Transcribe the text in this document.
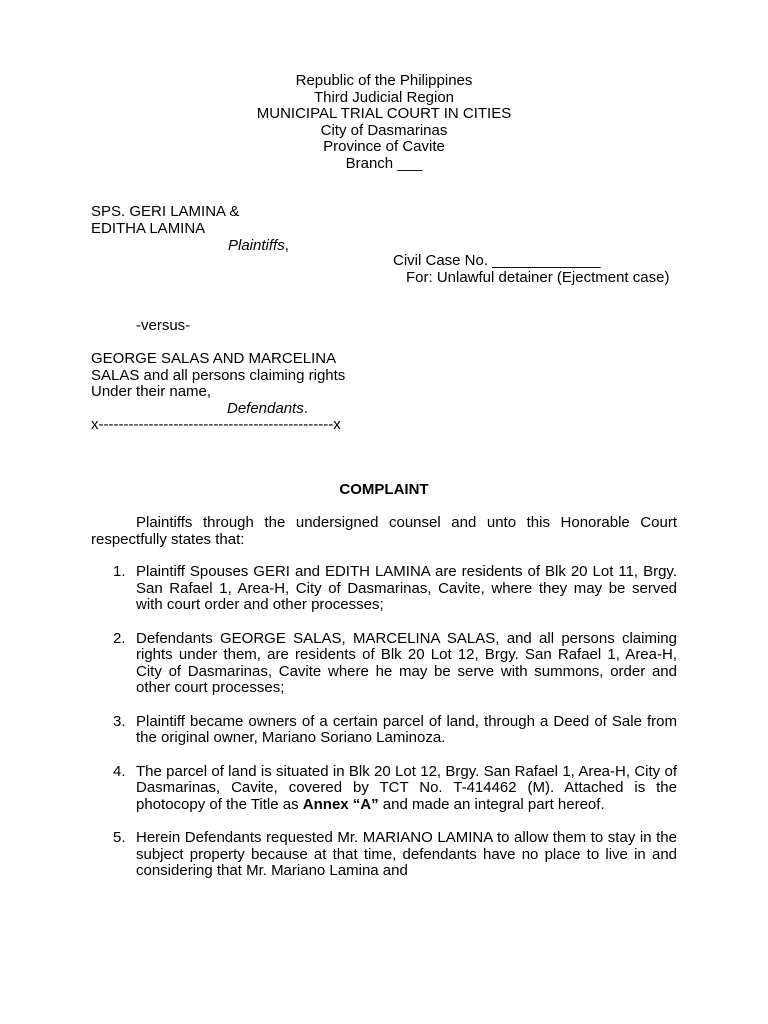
Republic of the Philippines
Third Judicial Region
MUNICIPAL TRIAL COURT IN CITIES
City of Dasmarinas
Province of Cavite
Branch ___
SPS. GERI LAMINA &
EDITHA LAMINA
Plaintiffs,
Civil Case No. _____________
For: Unlawful detainer (Ejectment case)
-versus-
GEORGE SALAS AND MARCELINA
SALAS and all persons claiming rights
Under their name,
Defendants.
x-----------------------------------------------x
COMPLAINT
Plaintiffs through the undersigned counsel and unto this Honorable Court respectfully states that:
1. Plaintiff Spouses GERI and EDITH LAMINA are residents of Blk 20 Lot 11, Brgy. San Rafael 1, Area-H, City of Dasmarinas, Cavite, where they may be served with court order and other processes;
2. Defendants GEORGE SALAS, MARCELINA SALAS, and all persons claiming rights under them, are residents of Blk 20 Lot 12, Brgy. San Rafael 1, Area-H, City of Dasmarinas, Cavite where he may be serve with summons, order and other court processes;
3. Plaintiff became owners of a certain parcel of land, through a Deed of Sale from the original owner, Mariano Soriano Laminoza.
4. The parcel of land is situated in Blk 20 Lot 12, Brgy. San Rafael 1, Area-H, City of Dasmarinas, Cavite, covered by TCT No. T-414462 (M). Attached is the photocopy of the Title as Annex “A” and made an integral part hereof.
5. Herein Defendants requested Mr. MARIANO LAMINA to allow them to stay in the subject property because at that time, defendants have no place to live in and considering that Mr. Mariano Lamina and
